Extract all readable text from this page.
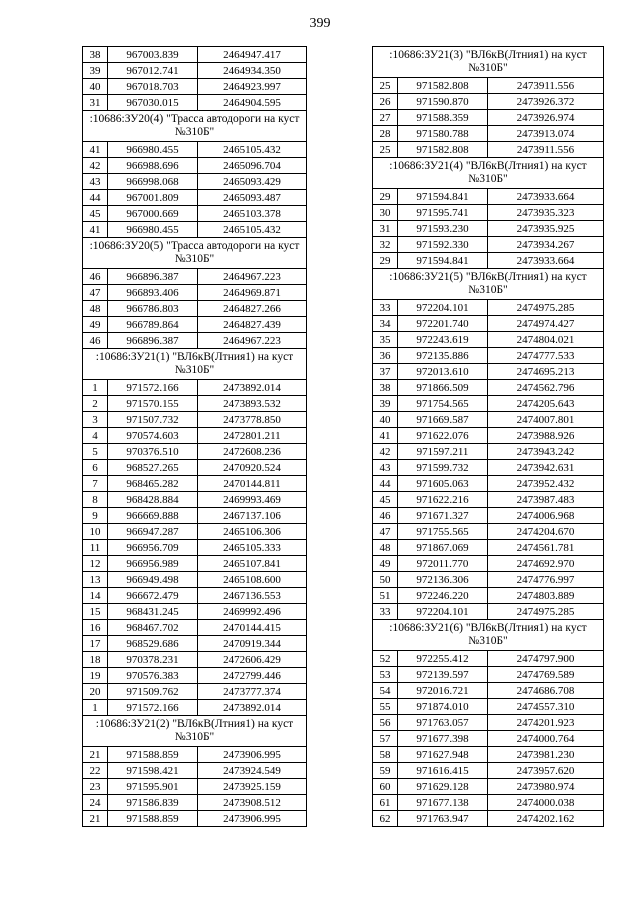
399
38	967003.839	2464947.417
39	967012.741	2464934.350
40	967018.703	2464923.997
31	967030.015	2464904.595
:10686:ЗУ20(4) "Трасса автодороги на куст №310Б"		
41	966980.455	2465105.432
42	966988.696	2465096.704
43	966998.068	2465093.429
44	967001.809	2465093.487
45	967000.669	2465103.378
41	966980.455	2465105.432
:10686:ЗУ20(5) "Трасса автодороги на куст №310Б"		
46	966896.387	2464967.223
47	966893.406	2464969.871
48	966786.803	2464827.266
49	966789.864	2464827.439
46	966896.387	2464967.223
:10686:ЗУ21(1) "ВЛ6кВ(Лтния1) на куст №310Б"		
1	971572.166	2473892.014
2	971570.155	2473893.532
3	971507.732	2473778.850
4	970574.603	2472801.211
5	970376.510	2472608.236
6	968527.265	2470920.524
7	968465.282	2470144.811
8	968428.884	2469993.469
9	966669.888	2467137.106
10	966947.287	2465106.306
11	966956.709	2465105.333
12	966956.989	2465107.841
13	966949.498	2465108.600
14	966672.479	2467136.553
15	968431.245	2469992.496
16	968467.702	2470144.415
17	968529.686	2470919.344
18	970378.231	2472606.429
19	970576.383	2472799.446
20	971509.762	2473777.374
1	971572.166	2473892.014
:10686:ЗУ21(2) "ВЛ6кВ(Лтния1) на куст №310Б"		
21	971588.859	2473906.995
22	971598.421	2473924.549
23	971595.901	2473925.159
24	971586.839	2473908.512
21	971588.859	2473906.995
:10686:ЗУ21(3) "ВЛ6кВ(Лтния1) на куст №310Б"		
25	971582.808	2473911.556
26	971590.870	2473926.372
27	971588.359	2473926.974
28	971580.788	2473913.074
25	971582.808	2473911.556
:10686:ЗУ21(4) "ВЛ6кВ(Лтния1) на куст №310Б"		
29	971594.841	2473933.664
30	971595.741	2473935.323
31	971593.230	2473935.925
32	971592.330	2473934.267
29	971594.841	2473933.664
:10686:ЗУ21(5) "ВЛ6кВ(Лтния1) на куст №310Б"		
33	972204.101	2474975.285
34	972201.740	2474974.427
35	972243.619	2474804.021
36	972135.886	2474777.533
37	972013.610	2474695.213
38	971866.509	2474562.796
39	971754.565	2474205.643
40	971669.587	2474007.801
41	971622.076	2473988.926
42	971597.211	2473943.242
43	971599.732	2473942.631
44	971605.063	2473952.432
45	971622.216	2473987.483
46	971671.327	2474006.968
47	971755.565	2474204.670
48	971867.069	2474561.781
49	972011.770	2474692.970
50	972136.306	2474776.997
51	972246.220	2474803.889
33	972204.101	2474975.285
:10686:ЗУ21(6) "ВЛ6кВ(Лтния1) на куст №310Б"		
52	972255.412	2474797.900
53	972139.597	2474769.589
54	972016.721	2474686.708
55	971874.010	2474557.310
56	971763.057	2474201.923
57	971677.398	2474000.764
58	971627.948	2473981.230
59	971616.415	2473957.620
60	971629.128	2473980.974
61	971677.138	2474000.038
62	971763.947	2474202.162
